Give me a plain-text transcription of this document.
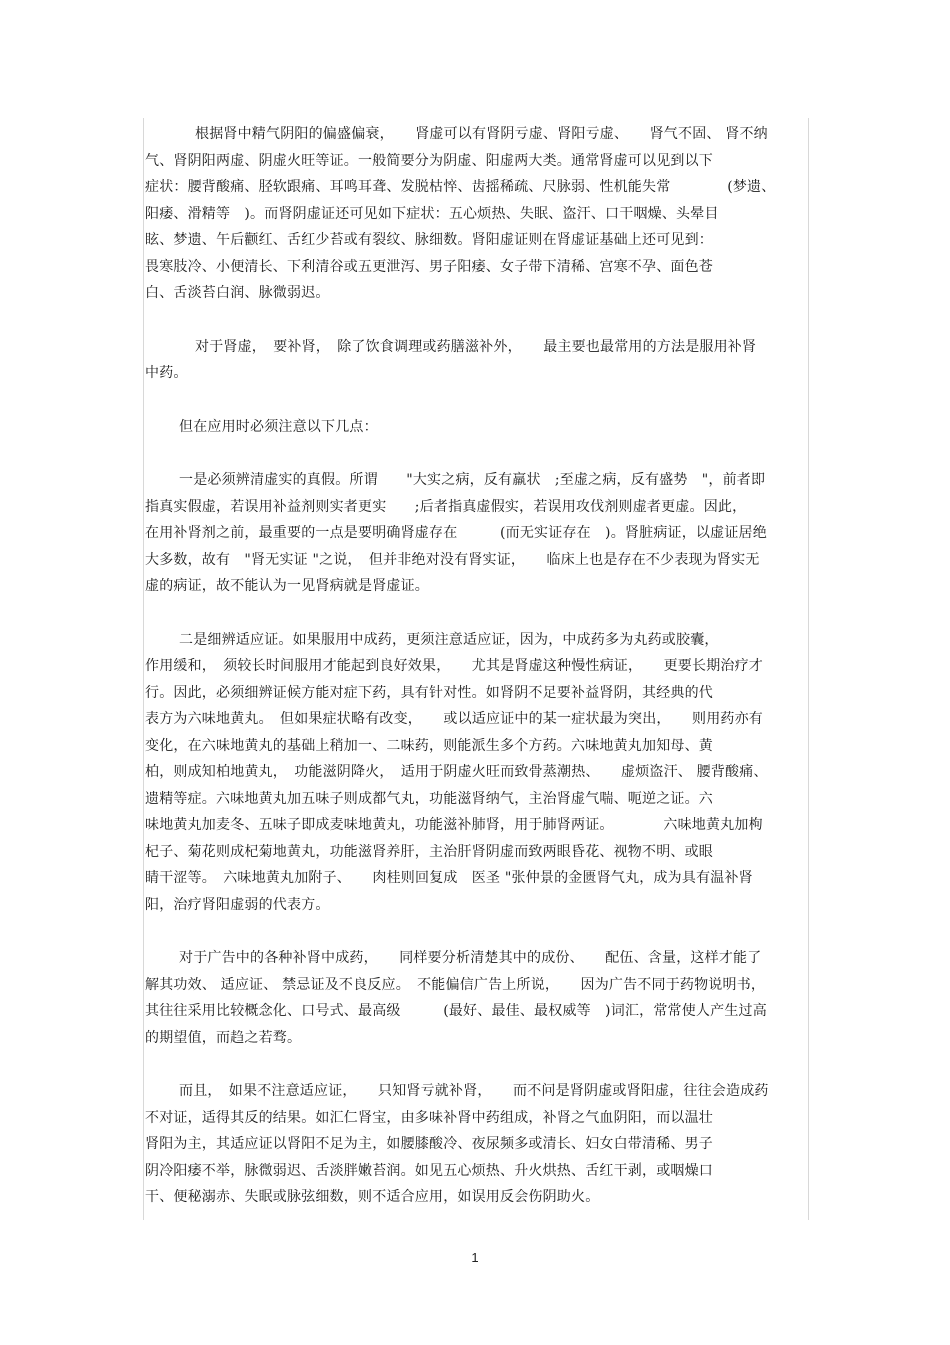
根据肾中精气阴阳的偏盛偏衰，　　肾虚可以有肾阴亏虚、肾阳亏虚、　　肾气不固、 肾不纳
气、肾阴阳两虚、阴虚火旺等证。一般简要分为阴虚、阳虚两大类。通常肾虚可以见到以下
症状：腰背酸痛、胫软跟痛、耳鸣耳聋、发脱枯悴、齿摇稀疏、尺脉弱、性机能失常　　　　(梦遗、
阳痿、滑精等　)。而肾阴虚证还可见如下症状：五心烦热、失眠、盗汗、口干咽燥、头晕目
眩、梦遗、午后颧红、舌红少苔或有裂纹、脉细数。肾阳虚证则在肾虚证基础上还可见到：
畏寒肢冷、小便清长、下利清谷或五更泄泻、男子阳痿、女子带下清稀、宫寒不孕、面色苍
白、舌淡苔白润、脉微弱迟。

对于肾虚，　要补肾，　除了饮食调理或药膳滋补外，　　最主要也最常用的方法是服用补肾
中药。

但在应用时必须注意以下几点：

一是必须辨清虚实的真假。所谓　　"大实之病，反有羸状　;至虚之病，反有盛势　"，前者即
指真实假虚，若误用补益剂则实者更实　　;后者指真虚假实，若误用攻伐剂则虚者更虚。因此，
在用补肾剂之前，最重要的一点是要明确肾虚存在　　　(而无实证存在　)。肾脏病证，以虚证居绝
大多数，故有　"肾无实证 "之说，　但并非绝对没有肾实证，　　临床上也是存在不少表现为肾实无
虚的病证，故不能认为一见肾病就是肾虚证。

二是细辨适应证。如果服用中成药，更须注意适应证，因为，中成药多为丸药或胶囊，
作用缓和，　须较长时间服用才能起到良好效果，　　尤其是肾虚这种慢性病证，　　更要长期治疗才
行。因此，必须细辨证候方能对症下药，具有针对性。如肾阴不足要补益肾阴，其经典的代
表方为六味地黄丸。　但如果症状略有改变，　　或以适应证中的某一症状最为突出，　　则用药亦有
变化，在六味地黄丸的基础上稍加一、二味药，则能派生多个方药。六味地黄丸加知母、黄
柏，则成知柏地黄丸，　功能滋阴降火，　适用于阴虚火旺而致骨蒸潮热、　　虚烦盗汗、 腰背酸痛、
遗精等症。六味地黄丸加五味子则成都气丸，功能滋肾纳气，主治肾虚气喘、呃逆之证。六
味地黄丸加麦冬、五味子即成麦味地黄丸，功能滋补肺肾，用于肺肾两证。　　　　六味地黄丸加枸
杞子、菊花则成杞菊地黄丸，功能滋肾养肝，主治肝肾阴虚而致两眼昏花、视物不明、或眼
睛干涩等。　六味地黄丸加附子、　　肉桂则回复成　医圣 "张仲景的金匮肾气丸，成为具有温补肾
阳，治疗肾阳虚弱的代表方。

对于广告中的各种补肾中成药，　　同样要分析清楚其中的成份、　　配伍、含量，这样才能了
解其功效、 适应证、 禁忌证及不良反应。　不能偏信广告上所说，　　因为广告不同于药物说明书，
其往往采用比较概念化、口号式、最高级　　　(最好、最佳、最权威等　)词汇，常常使人产生过高
的期望值，而趋之若骛。

而且，　如果不注意适应证，　　只知肾亏就补肾，　　而不问是肾阴虚或肾阳虚，往往会造成药
不对证，适得其反的结果。如汇仁肾宝，由多味补肾中药组成，补肾之气血阴阳，而以温壮
肾阳为主，其适应证以肾阳不足为主，如腰膝酸冷、夜尿频多或清长、妇女白带清稀、男子
阴冷阳痿不举，脉微弱迟、舌淡胖嫩苔润。如见五心烦热、升火烘热、舌红干剥，或咽燥口
干、便秘溺赤、失眠或脉弦细数，则不适合应用，如误用反会伤阴助火。

1
